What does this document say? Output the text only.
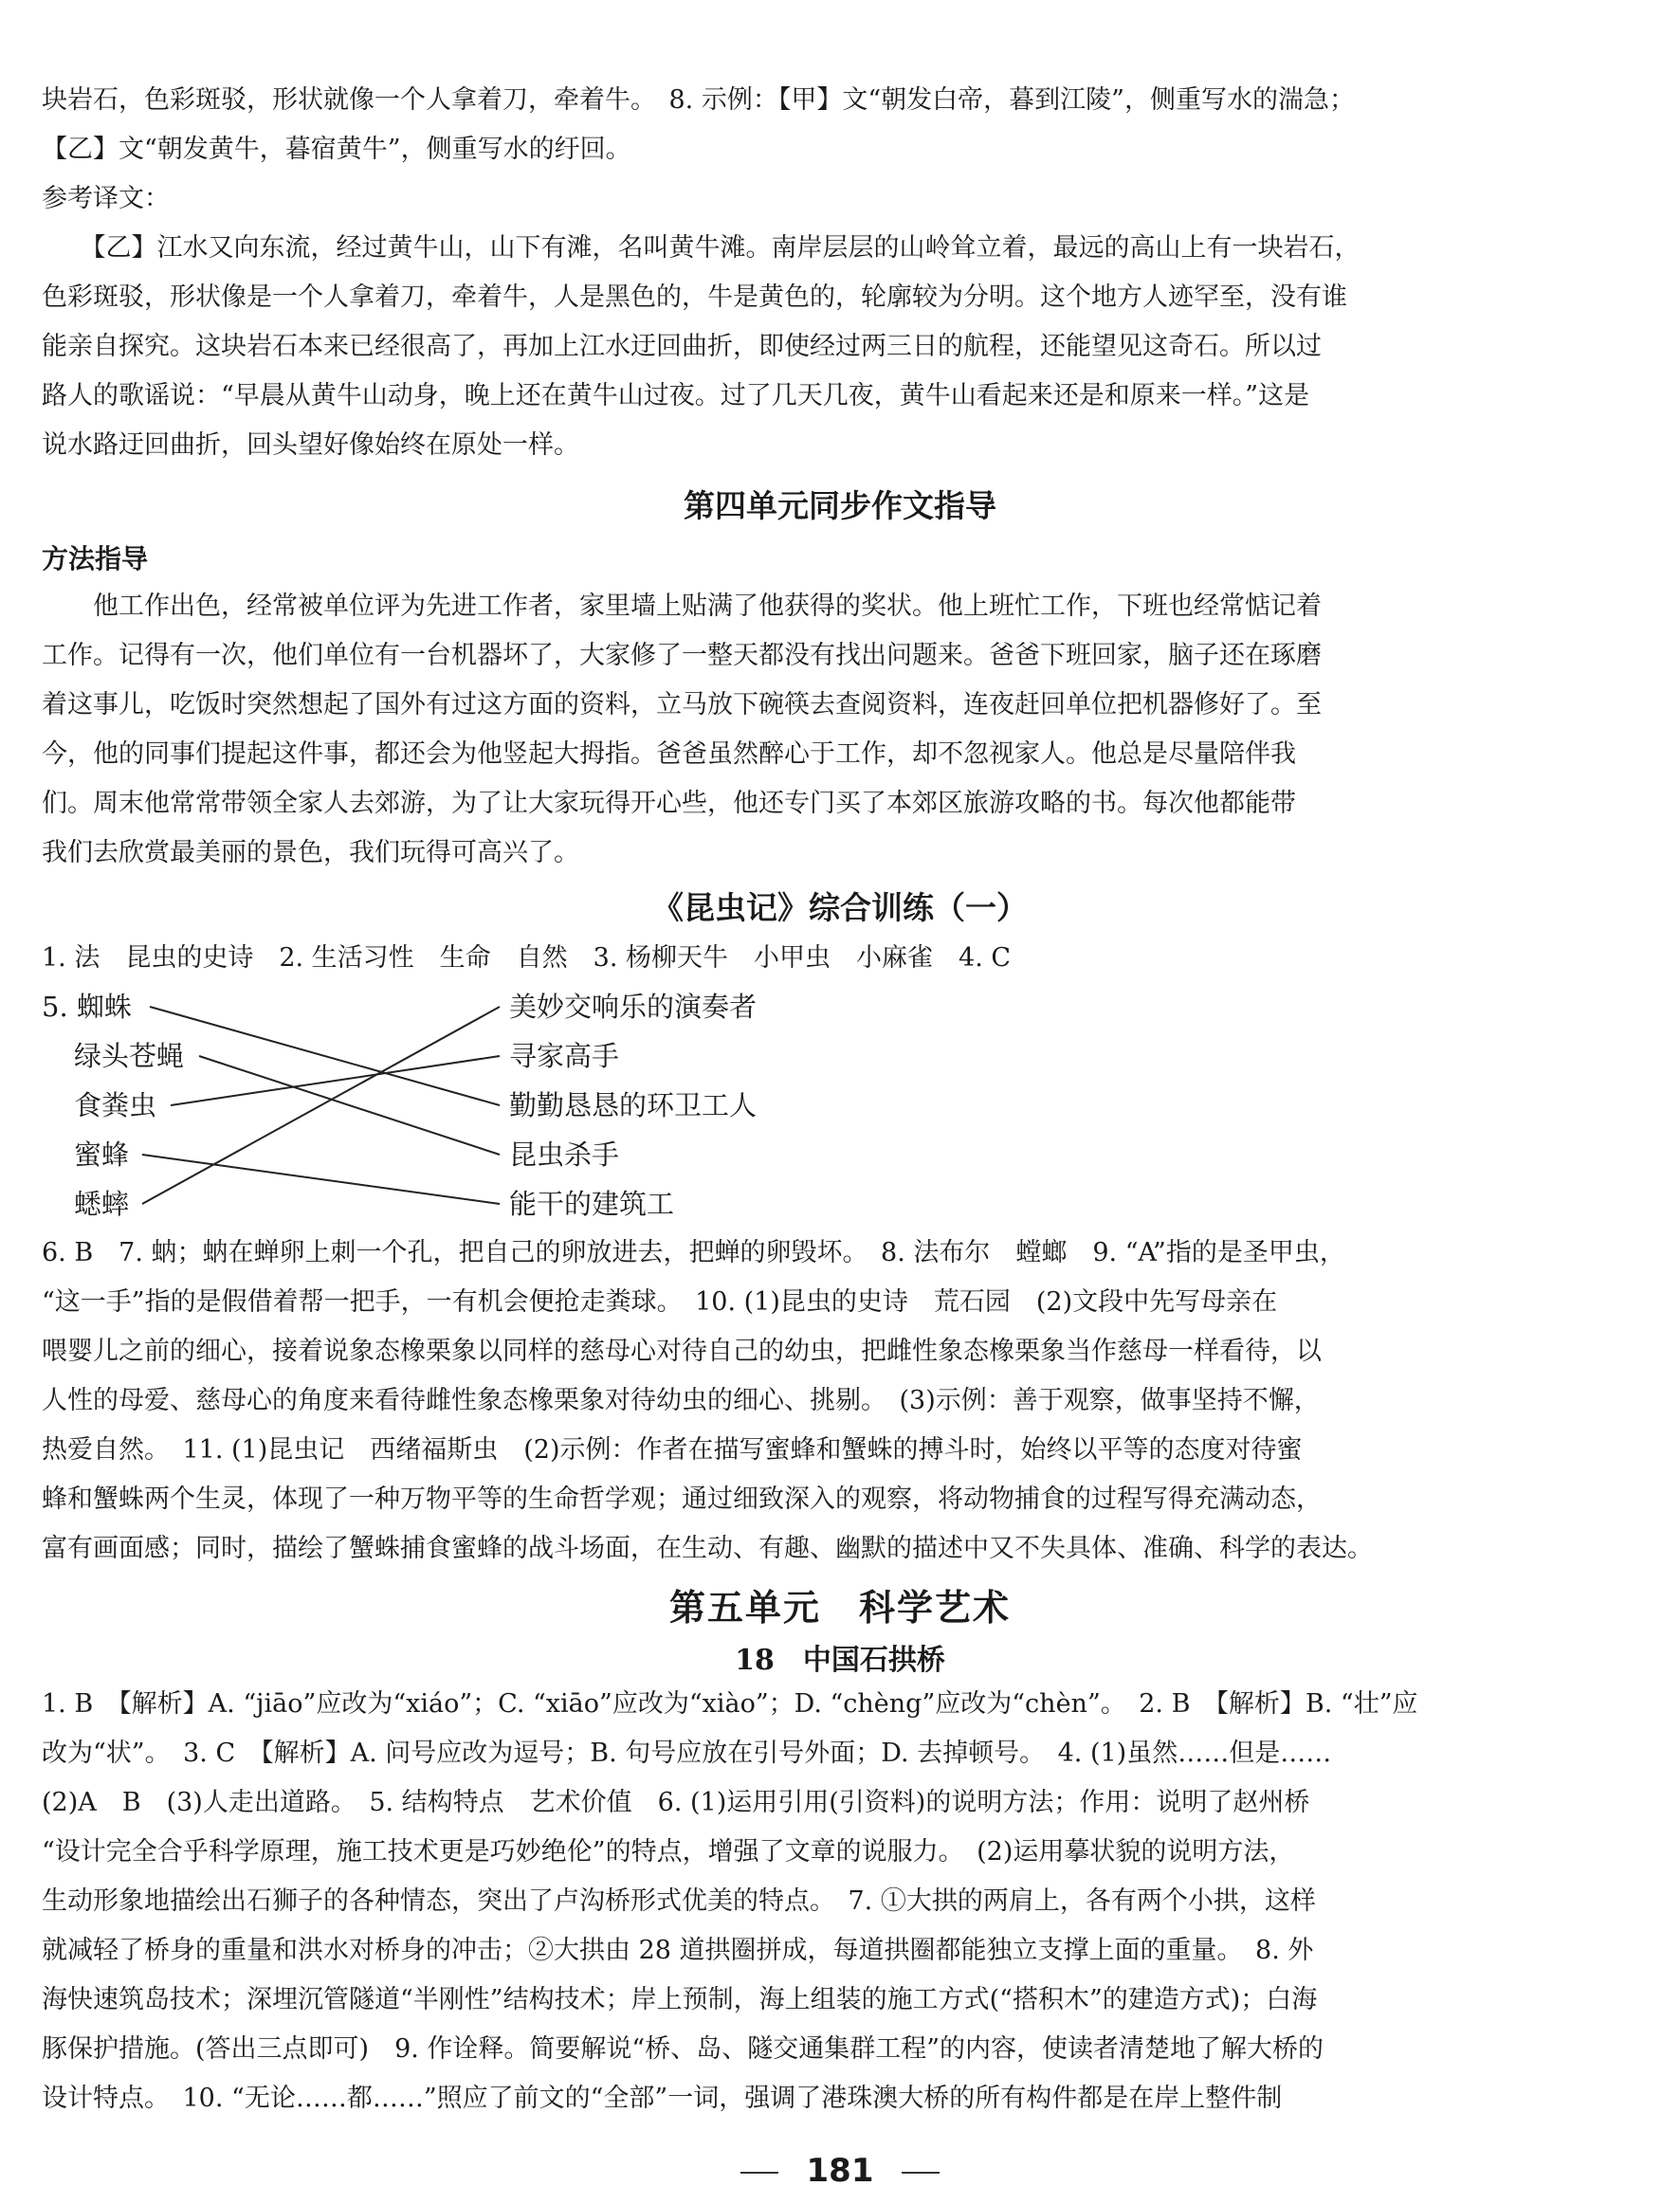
块岩石，色彩斑驳，形状就像一个人拿着刀，牵着牛。　8. 示例：【甲】文“朝发白帝，暮到江陵”，侧重写水的湍急；
【乙】文“朝发黄牛，暮宿黄牛”，侧重写水的纡回。
参考译文：
　　【乙】江水又向东流，经过黄牛山，山下有滩，名叫黄牛滩。南岸层层的山岭耸立着，最远的高山上有一块岩石，
色彩斑驳，形状像是一个人拿着刀，牵着牛，人是黑色的，牛是黄色的，轮廓较为分明。这个地方人迹罕至，没有谁
能亲自探究。这块岩石本来已经很高了，再加上江水迂回曲折，即使经过两三日的航程，还能望见这奇石。所以过
路人的歌谣说：“早晨从黄牛山动身，晚上还在黄牛山过夜。过了几天几夜，黄牛山看起来还是和原来一样。”这是
说水路迂回曲折，回头望好像始终在原处一样。
第四单元同步作文指导
方法指导
　　他工作出色，经常被单位评为先进工作者，家里墙上贴满了他获得的奖状。他上班忙工作，下班也经常惦记着
工作。记得有一次，他们单位有一台机器坏了，大家修了一整天都没有找出问题来。爸爸下班回家，脑子还在琢磨
着这事儿，吃饭时突然想起了国外有过这方面的资料，立马放下碗筷去查阅资料，连夜赶回单位把机器修好了。至
今，他的同事们提起这件事，都还会为他竖起大拇指。爸爸虽然醉心于工作，却不忽视家人。他总是尽量陪伴我
们。周末他常常带领全家人去郊游，为了让大家玩得开心些，他还专门买了本郊区旅游攻略的书。每次他都能带
我们去欣赏最美丽的景色，我们玩得可高兴了。
《昆虫记》综合训练（一）
1. 法　昆虫的史诗　2. 生活习性　生命　自然　3. 杨柳天牛　小甲虫　小麻雀　4. C
5. 蜘蛛
绿头苍蝇
食粪虫
蜜蜂
蟋蟀
美妙交响乐的演奏者
寻家高手
勤勤恳恳的环卫工人
昆虫杀手
能干的建筑工
6. B　7. 蚋；蚋在蝉卵上刺一个孔，把自己的卵放进去，把蝉的卵毁坏。　8. 法布尔　螳螂　9. “A”指的是圣甲虫，
“这一手”指的是假借着帮一把手，一有机会便抢走粪球。　10. (1)昆虫的史诗　荒石园　(2)文段中先写母亲在
喂婴儿之前的细心，接着说象态橡栗象以同样的慈母心对待自己的幼虫，把雌性象态橡栗象当作慈母一样看待，以
人性的母爱、慈母心的角度来看待雌性象态橡栗象对待幼虫的细心、挑剔。　(3)示例：善于观察，做事坚持不懈，
热爱自然。　11. (1)昆虫记　西绪福斯虫　(2)示例：作者在描写蜜蜂和蟹蛛的搏斗时，始终以平等的态度对待蜜
蜂和蟹蛛两个生灵，体现了一种万物平等的生命哲学观；通过细致深入的观察，将动物捕食的过程写得充满动态，
富有画面感；同时，描绘了蟹蛛捕食蜜蜂的战斗场面，在生动、有趣、幽默的描述中又不失具体、准确、科学的表达。
第五单元　科学艺术
18　中国石拱桥
1. B　【解析】A. “jiāo”应改为“xiáo”；C. “xiāo”应改为“xiào”；D. “chèng”应改为“chèn”。　2. B　【解析】B. “壮”应
改为“状”。　3. C　【解析】A. 问号应改为逗号；B. 句号应放在引号外面；D. 去掉顿号。　4. (1)虽然……但是……
(2)A　B　(3)人走出道路。　5. 结构特点　艺术价值　6. (1)运用引用(引资料)的说明方法；作用：说明了赵州桥
“设计完全合乎科学原理，施工技术更是巧妙绝伦”的特点，增强了文章的说服力。　(2)运用摹状貌的说明方法，
生动形象地描绘出石狮子的各种情态，突出了卢沟桥形式优美的特点。　7. ①大拱的两肩上，各有两个小拱，这样
就减轻了桥身的重量和洪水对桥身的冲击；②大拱由 28 道拱圈拼成，每道拱圈都能独立支撑上面的重量。　8. 外
海快速筑岛技术；深埋沉管隧道“半刚性”结构技术；岸上预制，海上组装的施工方式(“搭积木”的建造方式)；白海
豚保护措施。(答出三点即可)　9. 作诠释。简要解说“桥、岛、隧交通集群工程”的内容，使读者清楚地了解大桥的
设计特点。　10. “无论……都……”照应了前文的“全部”一词，强调了港珠澳大桥的所有构件都是在岸上整件制
181
